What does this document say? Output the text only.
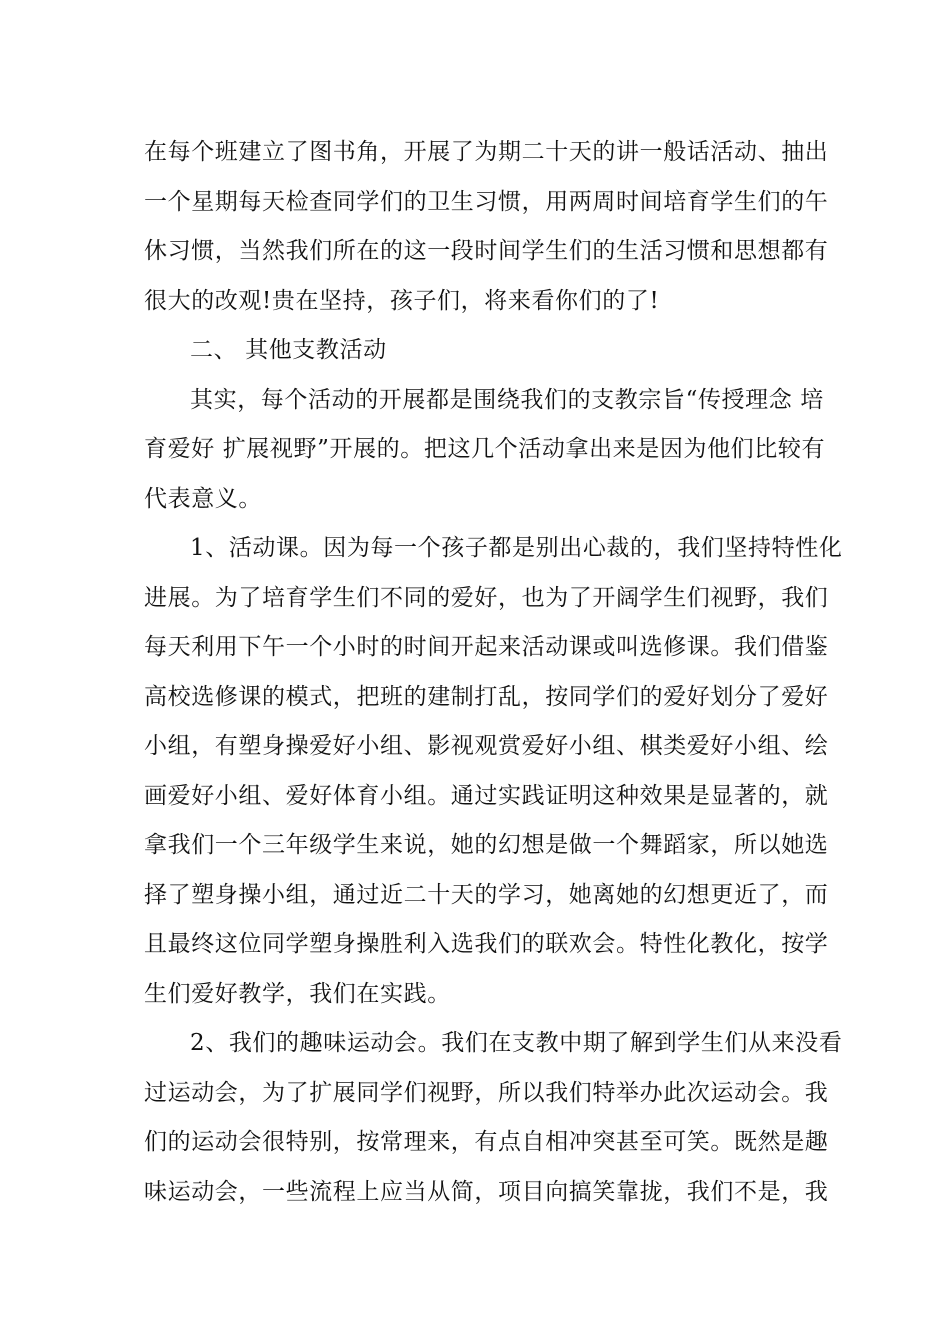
在每个班建立了图书角，开展了为期二十天的讲一般话活动、抽出
一个星期每天检查同学们的卫生习惯，用两周时间培育学生们的午
休习惯，当然我们所在的这一段时间学生们的生活习惯和思想都有
很大的改观!贵在坚持，孩子们，将来看你们的了!
二、 其他支教活动
其实，每个活动的开展都是围绕我们的支教宗旨“传授理念 培
育爱好 扩展视野”开展的。把这几个活动拿出来是因为他们比较有
代表意义。
1、活动课。因为每一个孩子都是别出心裁的，我们坚持特性化
进展。为了培育学生们不同的爱好，也为了开阔学生们视野，我们
每天利用下午一个小时的时间开起来活动课或叫选修课。我们借鉴
高校选修课的模式，把班的建制打乱，按同学们的爱好划分了爱好
小组，有塑身操爱好小组、影视观赏爱好小组、棋类爱好小组、绘
画爱好小组、爱好体育小组。通过实践证明这种效果是显著的，就
拿我们一个三年级学生来说，她的幻想是做一个舞蹈家，所以她选
择了塑身操小组，通过近二十天的学习，她离她的幻想更近了，而
且最终这位同学塑身操胜利入选我们的联欢会。特性化教化，按学
生们爱好教学，我们在实践。
2、我们的趣味运动会。我们在支教中期了解到学生们从来没看
过运动会，为了扩展同学们视野，所以我们特举办此次运动会。我
们的运动会很特别，按常理来，有点自相冲突甚至可笑。既然是趣
味运动会，一些流程上应当从简，项目向搞笑靠拢，我们不是，我
